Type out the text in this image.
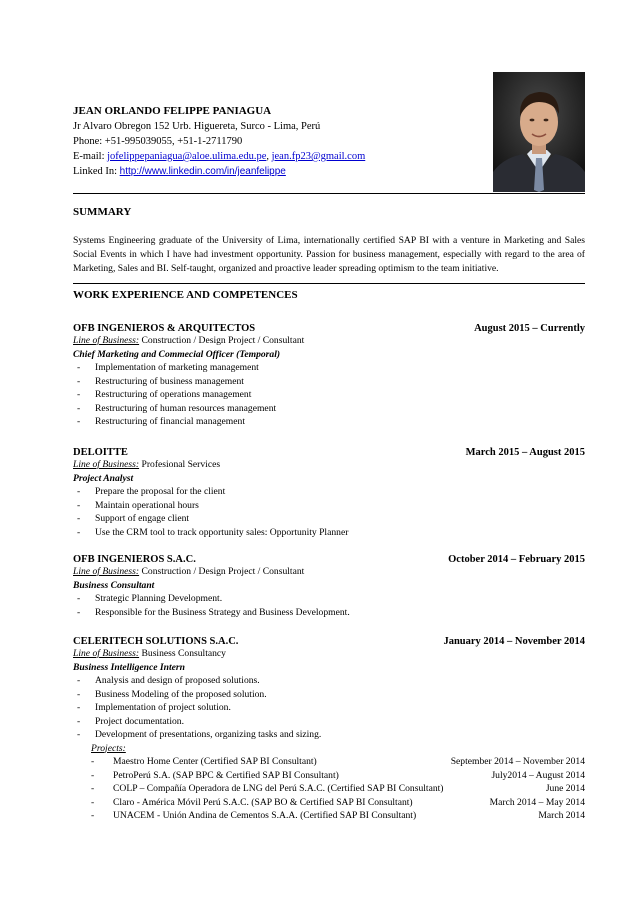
JEAN ORLANDO FELIPPE PANIAGUA
Jr Alvaro Obregon 152 Urb. Higuereta, Surco - Lima, Perú
Phone: +51-995039055, +51-1-2711790
E-mail: jofelippepaniagua@aloe.ulima.edu.pe, jean.fp23@gmail.com
Linked In: http://www.linkedin.com/in/jeanfelippe
SUMMARY
Systems Engineering graduate of the University of Lima, internationally certified SAP BI with a venture in Marketing and Sales Social Events in which I have had investment opportunity. Passion for business management, especially with regard to the area of Marketing, Sales and BI. Self-taught, organized and proactive leader spreading optimism to the team initiative.
WORK EXPERIENCE AND COMPETENCES
OFB INGENIEROS & ARQUITECTOS	August 2015 – Currently
Line of Business: Construction / Design Project / Consultant
Chief Marketing and Commecial Officer (Temporal)
-	Implementation of marketing management
-	Restructuring of business management
-	Restructuring of operations management
-	Restructuring of human resources management
-	Restructuring of financial management
DELOITTE	March 2015 – August 2015
Line of Business: Profesional Services
Project Analyst
-	Prepare the proposal for the client
-	Maintain operational hours
-	Support of engage client
-	Use the CRM tool to track opportunity sales: Opportunity Planner
OFB INGENIEROS S.A.C.	October 2014 – February 2015
Line of Business: Construction / Design Project / Consultant
Business Consultant
-	Strategic Planning Development.
-	Responsible for the Business Strategy and Business Development.
CELERITECH SOLUTIONS S.A.C.	January 2014 – November 2014
Line of Business: Business Consultancy
Business Intelligence Intern
-	Analysis and design of proposed solutions.
-	Business Modeling of the proposed solution.
-	Implementation of project solution.
-	Project documentation.
-	Development of presentations, organizing tasks and sizing.
Projects:
-	Maestro Home Center (Certified SAP BI Consultant)	September 2014 – November 2014
-	PetroPerú S.A. (SAP BPC & Certified SAP BI Consultant)	July2014 – August 2014
-	COLP – Compañía Operadora de LNG del Perú S.A.C. (Certified SAP BI Consultant)	June 2014
-	Claro - América Móvil Perú S.A.C. (SAP BO & Certified SAP BI Consultant)	March 2014 – May 2014
-	UNACEM - Unión Andina de Cementos S.A.A. (Certified SAP BI Consultant)	March 2014
